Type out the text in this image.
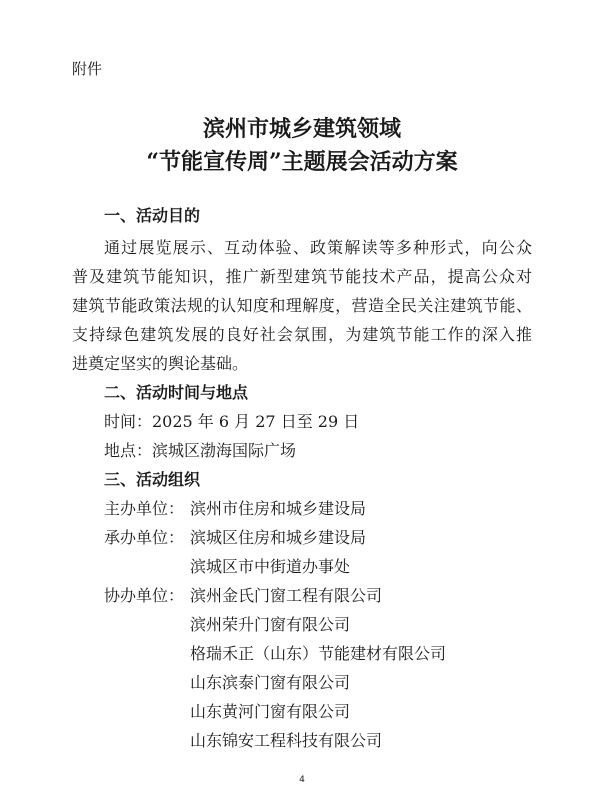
附件
滨州市城乡建筑领域
“节能宣传周”主题展会活动方案
一、活动目的
通过展览展示、互动体验、政策解读等多种形式，向公众
普及建筑节能知识，推广新型建筑节能技术产品，提高公众对
建筑节能政策法规的认知度和理解度，营造全民关注建筑节能、
支持绿色建筑发展的良好社会氛围，为建筑节能工作的深入推
进奠定坚实的舆论基础。
二、活动时间与地点
时间：2025 年 6 月 27 日至 29 日
地点：滨城区渤海国际广场
三、活动组织
主办单位： 滨州市住房和城乡建设局
承办单位： 滨城区住房和城乡建设局
滨城区市中街道办事处
协办单位： 滨州金氏门窗工程有限公司
滨州荣升门窗有限公司
格瑞禾正（山东）节能建材有限公司
山东滨泰门窗有限公司
山东黄河门窗有限公司
山东锦安工程科技有限公司
4
